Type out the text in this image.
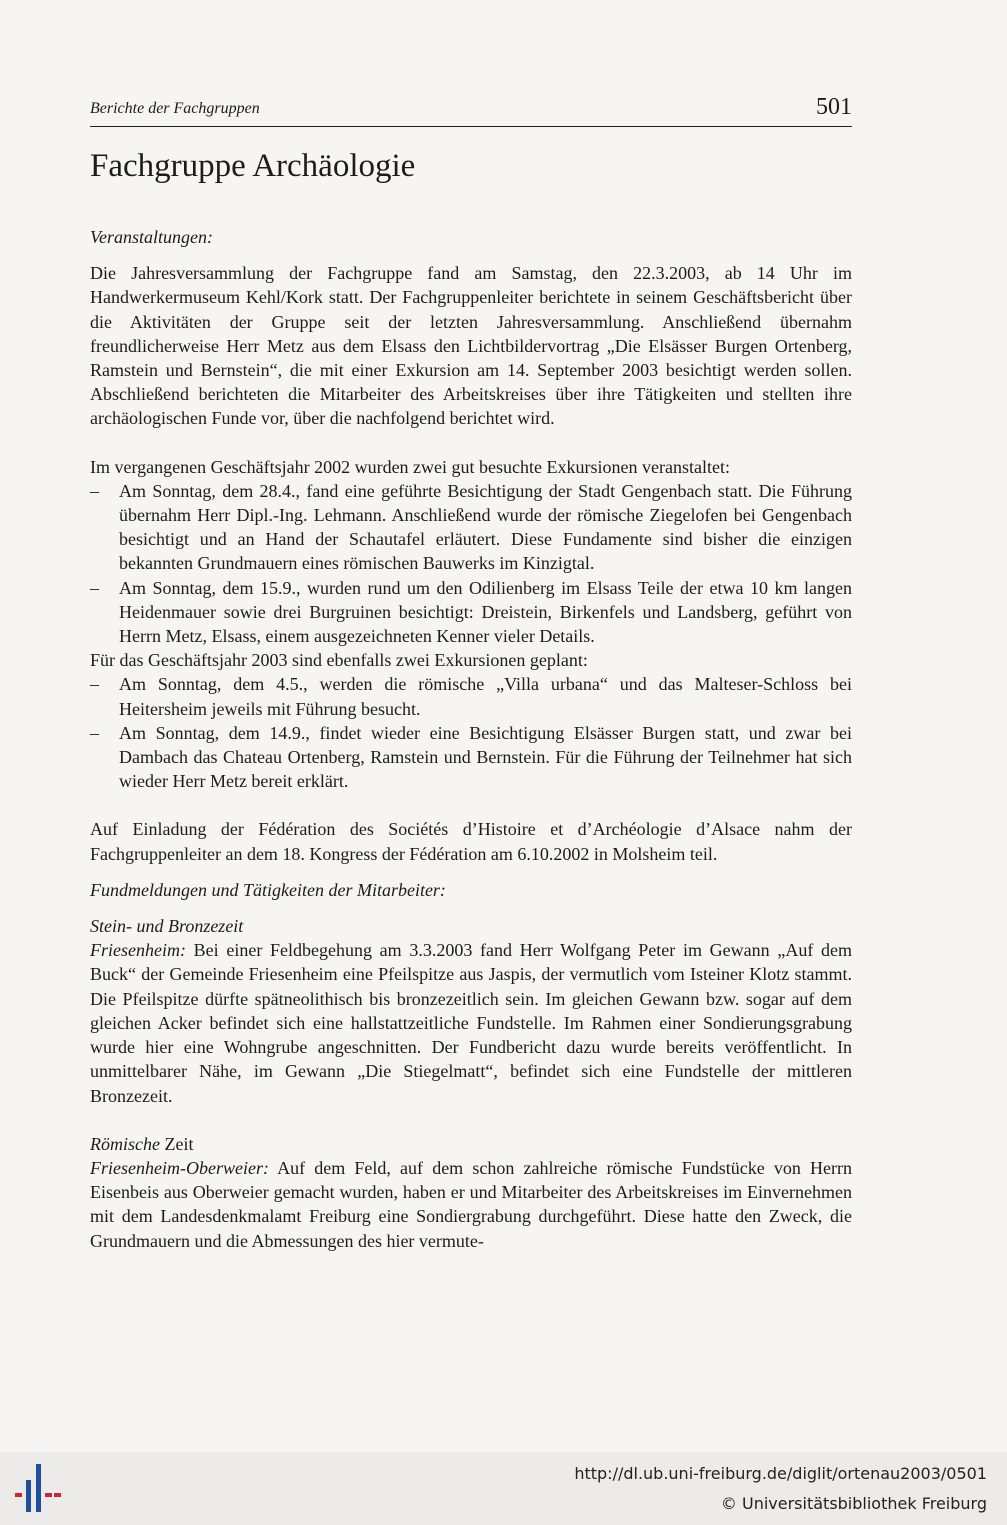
Berichte der Fachgruppen	501
Fachgruppe Archäologie

Veranstaltungen:

Die Jahresversammlung der Fachgruppe fand am Samstag, den 22.3.2003, ab 14 Uhr im Handwerkermuseum Kehl/Kork statt. Der Fachgruppenleiter berichtete in seinem Geschäftsbericht über die Aktivitäten der Gruppe seit der letzten Jahresversammlung. Anschließend übernahm freundlicherweise Herr Metz aus dem Elsass den Lichtbildervortrag „Die Elsässer Burgen Ortenberg, Ramstein und Bernstein“, die mit einer Exkursion am 14. September 2003 besichtigt werden sollen. Abschließend berichteten die Mitarbeiter des Arbeitskreises über ihre Tätigkeiten und stellten ihre archäologischen Funde vor, über die nachfolgend berichtet wird.

Im vergangenen Geschäftsjahr 2002 wurden zwei gut besuchte Exkursionen veranstaltet:

– Am Sonntag, dem 28.4., fand eine geführte Besichtigung der Stadt Gengenbach statt. Die Führung übernahm Herr Dipl.-Ing. Lehmann. Anschließend wurde der römische Ziegelofen bei Gengenbach besichtigt und an Hand der Schautafel erläutert. Diese Fundamente sind bisher die einzigen bekannten Grundmauern eines römischen Bauwerks im Kinzigtal.
– Am Sonntag, dem 15.9., wurden rund um den Odilienberg im Elsass Teile der etwa 10 km langen Heidenmauer sowie drei Burgruinen besichtigt: Dreistein, Birkenfels und Landsberg, geführt von Herrn Metz, Elsass, einem ausgezeichneten Kenner vieler Details.

Für das Geschäftsjahr 2003 sind ebenfalls zwei Exkursionen geplant:

– Am Sonntag, dem 4.5., werden die römische „Villa urbana“ und das Malteser-Schloss bei Heitersheim jeweils mit Führung besucht.
– Am Sonntag, dem 14.9., findet wieder eine Besichtigung Elsässer Burgen statt, und zwar bei Dambach das Chateau Ortenberg, Ramstein und Bernstein. Für die Führung der Teilnehmer hat sich wieder Herr Metz bereit erklärt.

Auf Einladung der Fédération des Sociétés d’Histoire et d’Archéologie d’Alsace nahm der Fachgruppenleiter an dem 18. Kongress der Fédération am 6.10.2002 in Molsheim teil.

Fundmeldungen und Tätigkeiten der Mitarbeiter:

Stein- und Bronzezeit

Friesenheim: Bei einer Feldbegehung am 3.3.2003 fand Herr Wolfgang Peter im Gewann „Auf dem Buck“ der Gemeinde Friesenheim eine Pfeilspitze aus Jaspis, der vermutlich vom Isteiner Klotz stammt. Die Pfeilspitze dürfte spätneolithisch bis bronzezeitlich sein. Im gleichen Gewann bzw. sogar auf dem gleichen Acker befindet sich eine hallstattzeitliche Fundstelle. Im Rahmen einer Sondierungsgrabung wurde hier eine Wohngrube angeschnitten. Der Fundbericht dazu wurde bereits veröffentlicht. In unmittelbarer Nähe, im Gewann „Die Stiegelmatt“, befindet sich eine Fundstelle der mittleren Bronzezeit.

Römische Zeit

Friesenheim-Oberweier: Auf dem Feld, auf dem schon zahlreiche römische Fundstücke von Herrn Eisenbeis aus Oberweier gemacht wurden, haben er und Mitarbeiter des Arbeitskreises im Einvernehmen mit dem Landesdenkmalamt Freiburg eine Sondiergrabung durchgeführt. Diese hatte den Zweck, die Grundmauern und die Abmessungen des hier vermute-

http://dl.ub.uni-freiburg.de/diglit/ortenau2003/0501
© Universitätsbibliothek Freiburg
